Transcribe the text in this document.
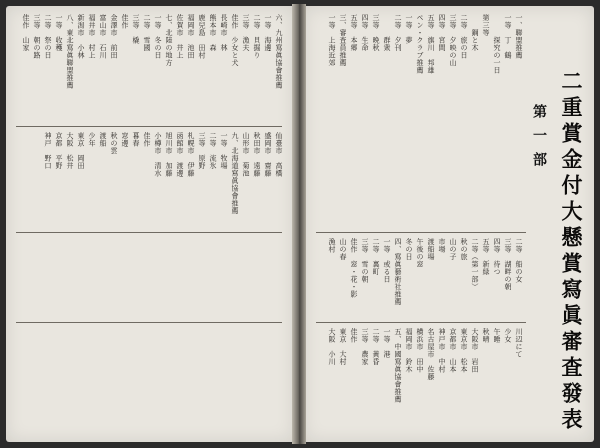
二重賞金付大懸賞寫眞審査發表
第一部
一、聯盟推薦
一等　丁　鶴
　　　探究の一日
第三等
　　鋼と木
二等　旅の日
三等　夕映の山
四等　宮間
五等　旗川　邦雄
ペン・クラブ推薦
一等　夢
二等　夕刊
　　　群衆
三等　晩秋
四等　生命
五等　本郷
三、審査員推薦
一等　上海近郊
二等　船の女
三等　湖畔の朝
四等　待つ
五等　新緑
二等（第一部）
秋の旅
山の子
市場
渡船場
午後の窓
冬の日
四、寫眞藝術社推薦
一等　或る日
二等　裏町
三等　雪の朝
佳作　窓・花・影
山の春
漁村
川辺にて
少女
午睡
秋晴
大阪市　岩田
東京市　松本
京都市　山本
神戸市　中村
名古屋市　佐藤
横浜市　田中
福岡市　鈴木
五、中國寫眞協會推薦
一等　港
二等　黃昏
三等　農家
佳作
東京　大村
大阪　小川
六、九州寫眞協會推薦
一等　海邊
二等　貝掘り
三等　漁夫
佳作　少女と犬
長崎市　林
熊本市　森
鹿兒島　田村
福岡市　池田
佐賀市　井上
七、北陸の地方
一等　冬の日
二等　雪國
三等　橇
佳作
金澤市　前田
富山市　石川
福井市　村上
新潟市　小林
八、東北寫眞聯盟推薦
一等　收穫
二等　祭の日
三等　朝の路
佳作　山家
仙臺市　高橋
盛岡市　齋藤
秋田市　遠藤
山形市　菊池
九、北海道寫眞協會推薦
一等　牧場
二等　流氷
三等　原野
札幌市　伊藤
函館市　渡邊
旭川市　加藤
小樽市　清水
佳作
暮春
窓邊
秋の雲
渡船
少年
東京　岡田
大阪　松井
京都　平野
神戸　野口
